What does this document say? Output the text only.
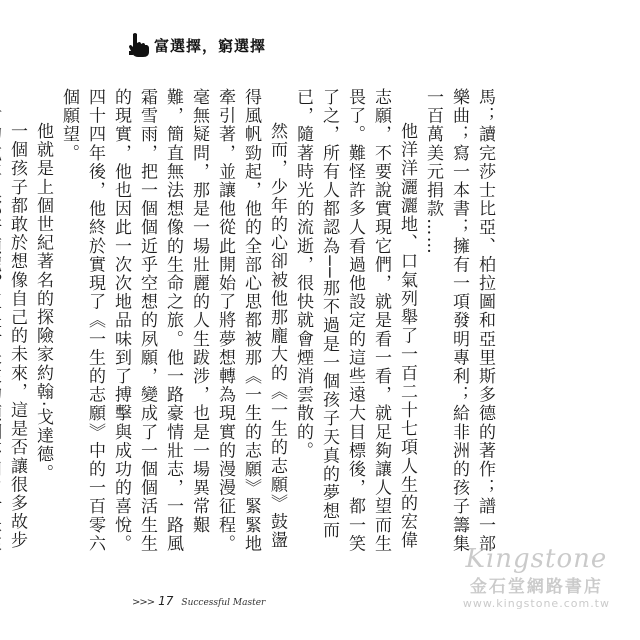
富選擇，窮選擇

馬；讀完莎士比亞、柏拉圖和亞里斯多德的著作；譜一部樂曲；寫一本書；擁有一項發明專利；給非洲的孩子籌集一百萬美元捐款……

他洋洋灑灑地、口氣列舉了一百二十七項人生的宏偉志願，不要說實現它們，就是看一看，就足夠讓人望而生畏了。難怪許多人看過他設定的這些遠大目標後，都一笑了之，所有人都認為──那不過是一個孩子天真的夢想而已，隨著時光的流逝，很快就會煙消雲散的。

然而，少年的心卻被他那龐大的《一生的志願》鼓盪得風帆勁起，他的全部心思都被那《一生的志願》緊緊地牽引著，並讓他從此開始了將夢想轉為現實的漫漫征程。毫無疑問，那是一場壯麗的人生跋涉，也是一場異常艱難，簡直無法想像的生命之旅。他一路豪情壯志，一路風霜雪雨，把一個個近乎空想的夙願，變成了一個個活生生的現實，他也因此一次次地品味到了搏擊與成功的喜悅。四十四年後，他終於實現了《一生的志願》中的一百零六個願望。

他就是上個世紀著名的探險家約翰‧戈達德。

一個孩子都敢於想像自己的未來，這是否讓很多故步

>>> 17 Successful Master
Kingstone
金石堂網路書店
www.kingstone.com.tw
